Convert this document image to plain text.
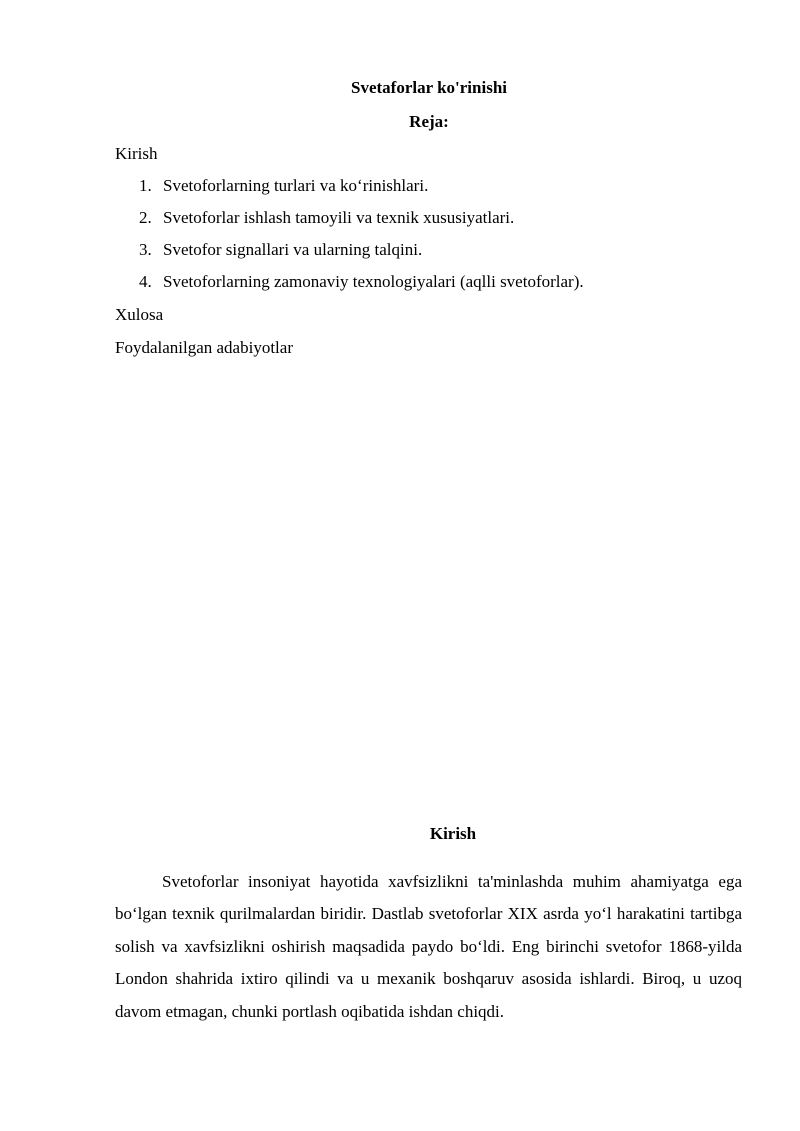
Svetaforlar ko'rinishi
Reja:
Kirish
1. Svetoforlarning turlari va ko‘rinishlari.
2. Svetoforlar ishlash tamoyili va texnik xususiyatlari.
3. Svetofor signallari va ularning talqini.
4. Svetoforlarning zamonaviy texnologiyalari (aqlli svetoforlar).
Xulosa
Foydalanilgan adabiyotlar
Kirish

Svetoforlar insoniyat hayotida xavfsizlikni ta'minlashda muhim ahamiyatga ega bo‘lgan texnik qurilmalardan biridir. Dastlab svetoforlar XIX asrda yo‘l harakatini tartibga solish va xavfsizlikni oshirish maqsadida paydo bo‘ldi. Eng birinchi svetofor 1868-yilda London shahrida ixtiro qilindi va u mexanik boshqaruv asosida ishlardi. Biroq, u uzoq davom etmagan, chunki portlash oqibatida ishdan chiqdi.
